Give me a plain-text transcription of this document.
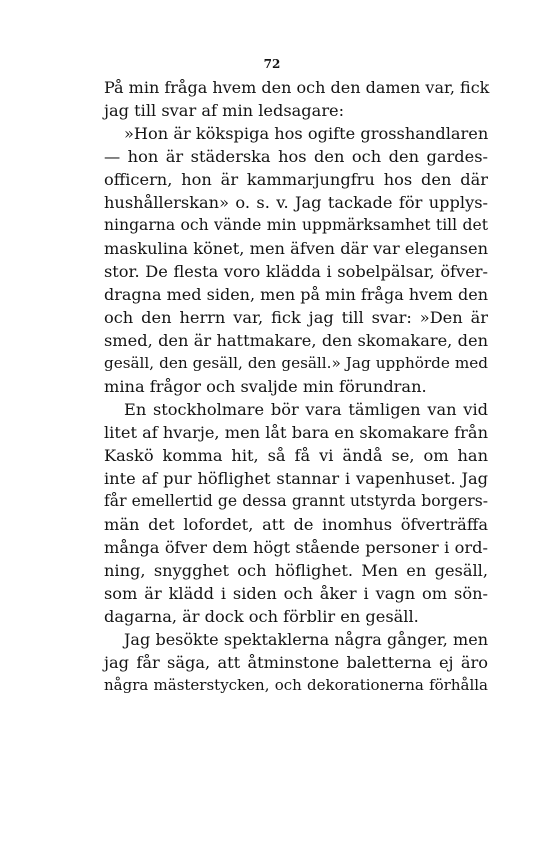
72
På min fråga hvem den och den damen var, fick
jag till svar af min ledsagare:
»Hon är kökspiga hos ogifte grosshandlaren
— hon är städerska hos den och den gardes-
officern, hon är kammarjungfru hos den där
hushållerskan» o. s. v. Jag tackade för upplys-
ningarna och vände min uppmärksamhet till det
maskulina könet, men äfven där var elegansen
stor. De flesta voro klädda i sobelpälsar, öfver-
dragna med siden, men på min fråga hvem den
och den herrn var, fick jag till svar: »Den är
smed, den är hattmakare, den skomakare, den
gesäll, den gesäll, den gesäll.» Jag upphörde med
mina frågor och svaljde min förundran.
En stockholmare bör vara tämligen van vid
litet af hvarje, men låt bara en skomakare från
Kaskö komma hit, så få vi ändå se, om han
inte af pur höflighet stannar i vapenhuset. Jag
får emellertid ge dessa grannt utstyrda borgers-
män det lofordet, att de inomhus öfverträffa
många öfver dem högt stående personer i ord-
ning, snygghet och höflighet. Men en gesäll,
som är klädd i siden och åker i vagn om sön-
dagarna, är dock och förblir en gesäll.
Jag besökte spektaklerna några gånger, men
jag får säga, att åtminstone baletterna ej äro
några mästerstycken, och dekorationerna förhålla
